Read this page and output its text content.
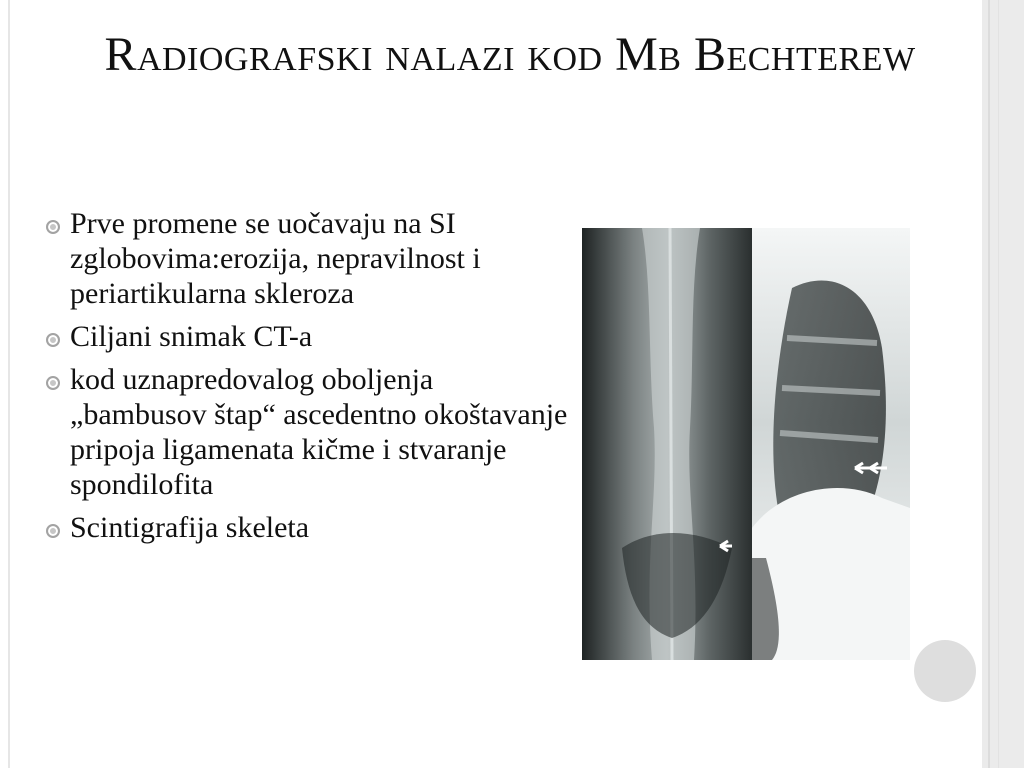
Radiografski nalazi kod Mb Bechterew
Prve promene se uočavaju na SI zglobovima:erozija, nepravilnost i periartikularna skleroza
Ciljani snimak CT-a
kod uznapredovalog oboljenja „bambusov štap“ ascedentno okoštavanje pripoja ligamenata kičme i stvaranje spondilofita
Scintigrafija skeleta
